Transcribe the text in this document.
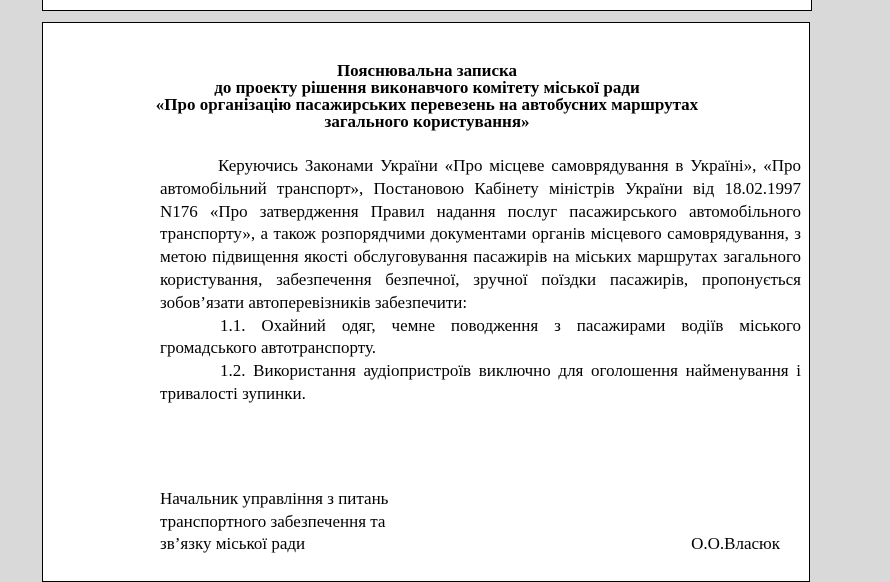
Пояснювальна записка
до проекту рішення виконавчого комітету міської ради
«Про організацію пасажирських перевезень на автобусних маршрутах
загального користування»

Керуючись Законами України «Про місцеве самоврядування в Україні», «Про автомобільний транспорт», Постановою Кабінету міністрів України від 18.02.1997 N176 «Про затвердження Правил надання послуг пасажирського автомобільного транспорту», а також розпорядчими документами органів місцевого самоврядування, з метою підвищення якості обслуговування пасажирів на міських маршрутах загального користування, забезпечення безпечної, зручної поїздки пасажирів, пропонується зобов’язати автоперевізників забезпечити:

1.1. Охайний одяг, чемне поводження з пасажирами водіїв міського громадського автотранспорту.

1.2. Використання аудіопристроїв виключно для оголошення найменування і тривалості зупинки.

Начальник управління з питань
транспортного забезпечення та
зв’язку міської ради	О.О.Власюк
